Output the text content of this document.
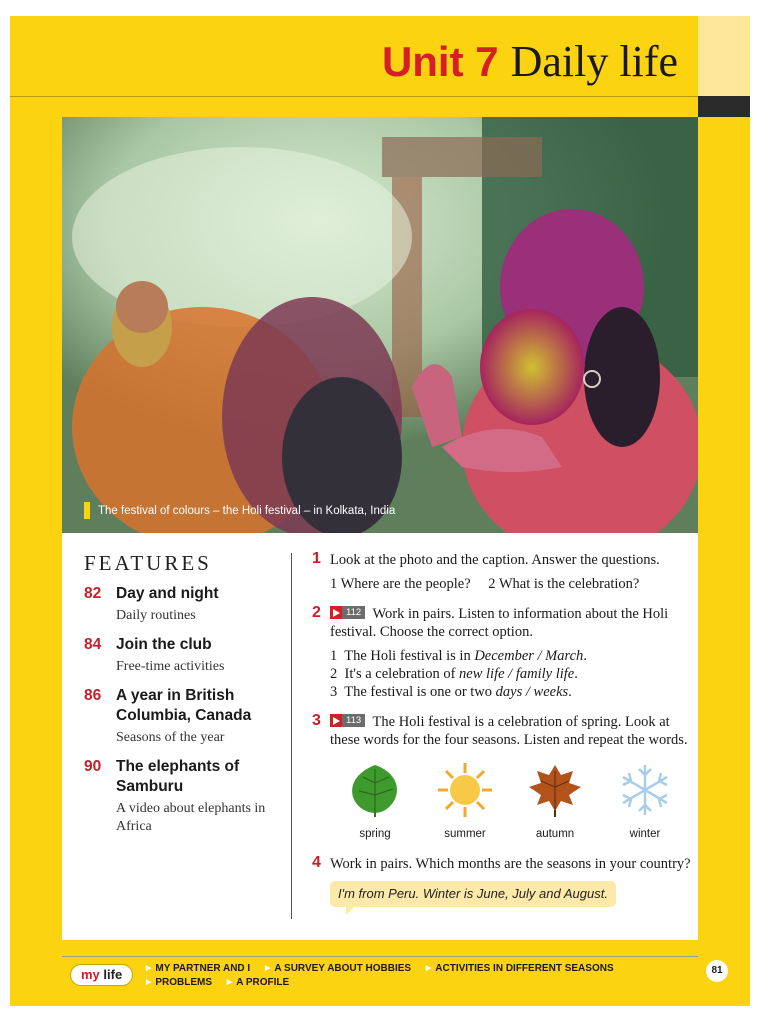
Unit 7 Daily life
The festival of colours – the Holi festival – in Kolkata, India
FEATURES
82 Day and night
Daily routines
84 Join the club
Free-time activities
86 A year in British Columbia, Canada
Seasons of the year
90 The elephants of Samburu
A video about elephants in Africa
1 Look at the photo and the caption. Answer the questions.
1 Where are the people? 2 What is the celebration?
2	112 Work in pairs. Listen to information about the Holi festival. Choose the correct option.
1 The Holi festival is in December / March.
2 It's a celebration of new life / family life.
3 The festival is one or two days / weeks.
3	113 The Holi festival is a celebration of spring. Look at these words for the four seasons. Listen and repeat the words.
spring	summer	autumn	winter
4 Work in pairs. Which months are the seasons in your country?
I'm from Peru. Winter is June, July and August.
my life	▶ MY PARTNER AND I ▶ A SURVEY ABOUT HOBBIES ▶ ACTIVITIES IN DIFFERENT SEASONS ▶ PROBLEMS ▶ A PROFILE
81
